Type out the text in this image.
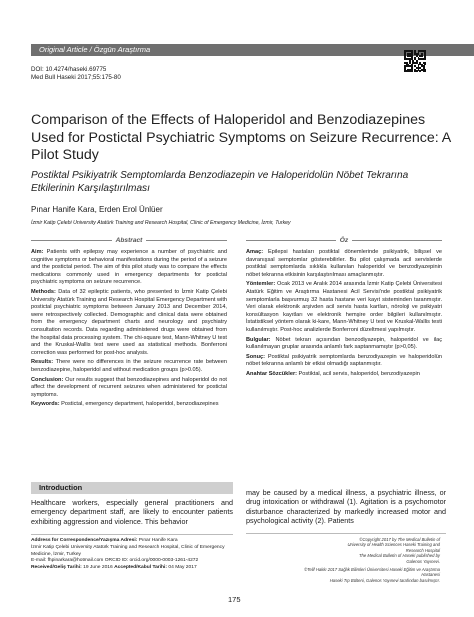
Original Article / Özgün Araştırma
DOI: 10.4274/haseki.69775
Med Bull Haseki 2017;55:175-80
Comparison of the Effects of Haloperidol and Benzodiazepines Used for Postictal Psychiatric Symptoms on Seizure Recurrence: A Pilot Study
Postiktal Psikiyatrik Semptomlarda Benzodiazepin ve Haloperidolün Nöbet Tekrarına Etkilerinin Karşılaştırılması
Pınar Hanife Kara, Erden Erol Ünlüer
İzmir Katip Çelebi University Atatürk Training and Research Hospital, Clinic of Emergency Medicine, İzmir, Turkey
Abstract	Öz

Aim: Patients with epilepsy may experience a number of psychiatric and cognitive symptoms or behavioral manifestations during the period of a seizure and the postictal period. The aim of this pilot study was to compare the effects medications commonly used in emergency departments for postictal psychiatric symptoms on seizure recurrence.

Methods: Data of 32 epileptic patients, who presented to İzmir Katip Çelebi University Atatürk Training and Research Hospital Emergency Department with postictal psychiatric symptoms between January 2013 and December 2014, were retrospectively collected. Demographic and clinical data were obtained from the emergency department charts and neurology and psychiatry consultation records. Data regarding administered drugs were obtained from the hospital data processing system. The chi-square test, Mann-Whitney U test and the Kruskal-Wallis test were used as statistical methods. Bonferroni correction was performed for post-hoc analysis.

Results: There were no differences in the seizure recurrence rate between benzodiazepine, haloperidol and without medication groups (p>0.05).

Conclusion: Our results suggest that benzodiazepines and haloperidol do not affect the development of recurrent seizures when administered for postictal symptoms.

Keywords: Postictal, emergency department, haloperidol, benzodiazepines

Amaç: Epilepsi hastaları postiktal dönemlerinde psikiyatrik, bilişsel ve davranışsal semptomlar gösterebilirler. Bu pilot çalışmada acil servislerde postiktal semptomlarda sıklıkla kullanılan haloperidol ve benzodiyazepinin nöbet tekrarına etkisinin karşılaştırılması amaçlanmıştır.

Yöntemler: Ocak 2013 ve Aralık 2014 arasında İzmir Katip Çelebi Üniversitesi Atatürk Eğitim ve Araştırma Hastanesi Acil Servisi'nde postiktal psikiyatrik semptomlarla başvurmuş 32 hasta hastane veri kayıt sisteminden taranmıştır. Veri olarak elektronik arşivden acil servis hasta kartları, nöroloji ve psikiyatri konsültasyon kayıtları ve elektronik hemşire order bilgileri kullanılmıştır. İstatistiksel yöntem olarak ki-kare, Mann-Whitney U test ve Kruskal-Wallis testi kullanılmıştır. Post-hoc analizlerde Bonferroni düzeltmesi yapılmıştır.

Bulgular: Nöbet tekrarı açısından benzodiyazepin, haloperidol ve ilaç kullanılmayan gruplar arasında anlamlı fark saptanmamıştır (p>0,05).

Sonuç: Postiktal psikiyatrik semptomlarda benzodiyazepin ve haloperidolün nöbet tekrarına anlamlı bir etkisi olmadığı saptanmıştır.

Anahtar Sözcükler: Postiktal, acil servis, haloperidol, benzodiyazepin

Introduction
Healthcare workers, especially general practitioners and emergency department staff, are likely to encounter patients exhibiting aggression and violence. This behavior
may be caused by a medical illness, a psychiatric illness, or drug intoxication or withdrawal (1). Agitation is a psychomotor disturbance characterized by markedly increased motor and psychological activity (2). Patients
Address for Correspondence/Yazışma Adresi: Pınar Hanife Kara
İzmir Katip Çelebi University Atatürk Training and Research Hospital, Clinic of Emergency
Medicine, İzmir, Turkey
E-mail: fhpinarkara@hotmail.com ORCID ID: orcid.org/0000-0003-1261-4272
Received/Geliş Tarihi: 19 June 2016 Accepted/Kabul Tarihi: 04 May 2017
©Copyright 2017 by The Medical Bulletin of
University of Health Sciences Haseki Training and
Research Hospital
The Medical Bulletin of Haseki published by
Galenos Yayınevi.
©Telif Hakkı 2017 Sağlık Bilimleri Üniversitesi Haseki Eğitim ve Araştırma Hastanesi
Haseki Tıp Bülteni, Galenos Yayınevi tarafından basılmıştır.
175
